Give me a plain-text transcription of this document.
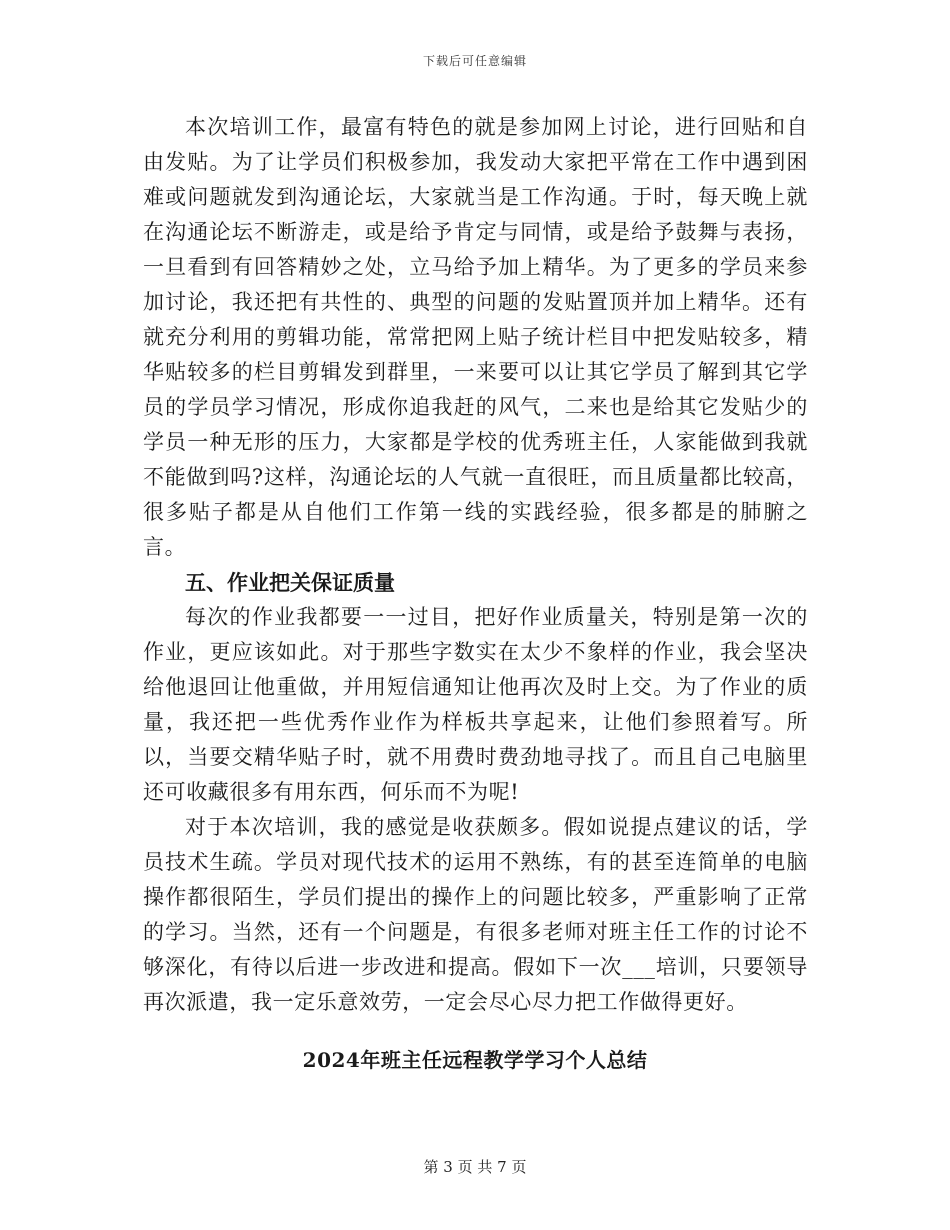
下载后可任意编辑

本次培训工作，最富有特色的就是参加网上讨论，进行回贴和自由发贴。为了让学员们积极参加，我发动大家把平常在工作中遇到困难或问题就发到沟通论坛，大家就当是工作沟通。于时，每天晚上就在沟通论坛不断游走，或是给予肯定与同情，或是给予鼓舞与表扬，一旦看到有回答精妙之处，立马给予加上精华。为了更多的学员来参加讨论，我还把有共性的、典型的问题的发贴置顶并加上精华。还有就充分利用的剪辑功能，常常把网上贴子统计栏目中把发贴较多，精华贴较多的栏目剪辑发到群里，一来要可以让其它学员了解到其它学员的学员学习情况，形成你追我赶的风气，二来也是给其它发贴少的学员一种无形的压力，大家都是学校的优秀班主任，人家能做到我就不能做到吗?这样，沟通论坛的人气就一直很旺，而且质量都比较高，很多贴子都是从自他们工作第一线的实践经验，很多都是的肺腑之言。

五、作业把关保证质量

每次的作业我都要一一过目，把好作业质量关，特别是第一次的作业，更应该如此。对于那些字数实在太少不象样的作业，我会坚决给他退回让他重做，并用短信通知让他再次及时上交。为了作业的质量，我还把一些优秀作业作为样板共享起来，让他们参照着写。所以，当要交精华贴子时，就不用费时费劲地寻找了。而且自己电脑里还可收藏很多有用东西，何乐而不为呢!

对于本次培训，我的感觉是收获颇多。假如说提点建议的话，学员技术生疏。学员对现代技术的运用不熟练，有的甚至连简单的电脑操作都很陌生，学员们提出的操作上的问题比较多，严重影响了正常的学习。当然，还有一个问题是，有很多老师对班主任工作的讨论不够深化，有待以后进一步改进和提高。假如下一次___培训，只要领导再次派遣，我一定乐意效劳，一定会尽心尽力把工作做得更好。

2024年班主任远程教学学习个人总结
第 3 页 共 7 页
